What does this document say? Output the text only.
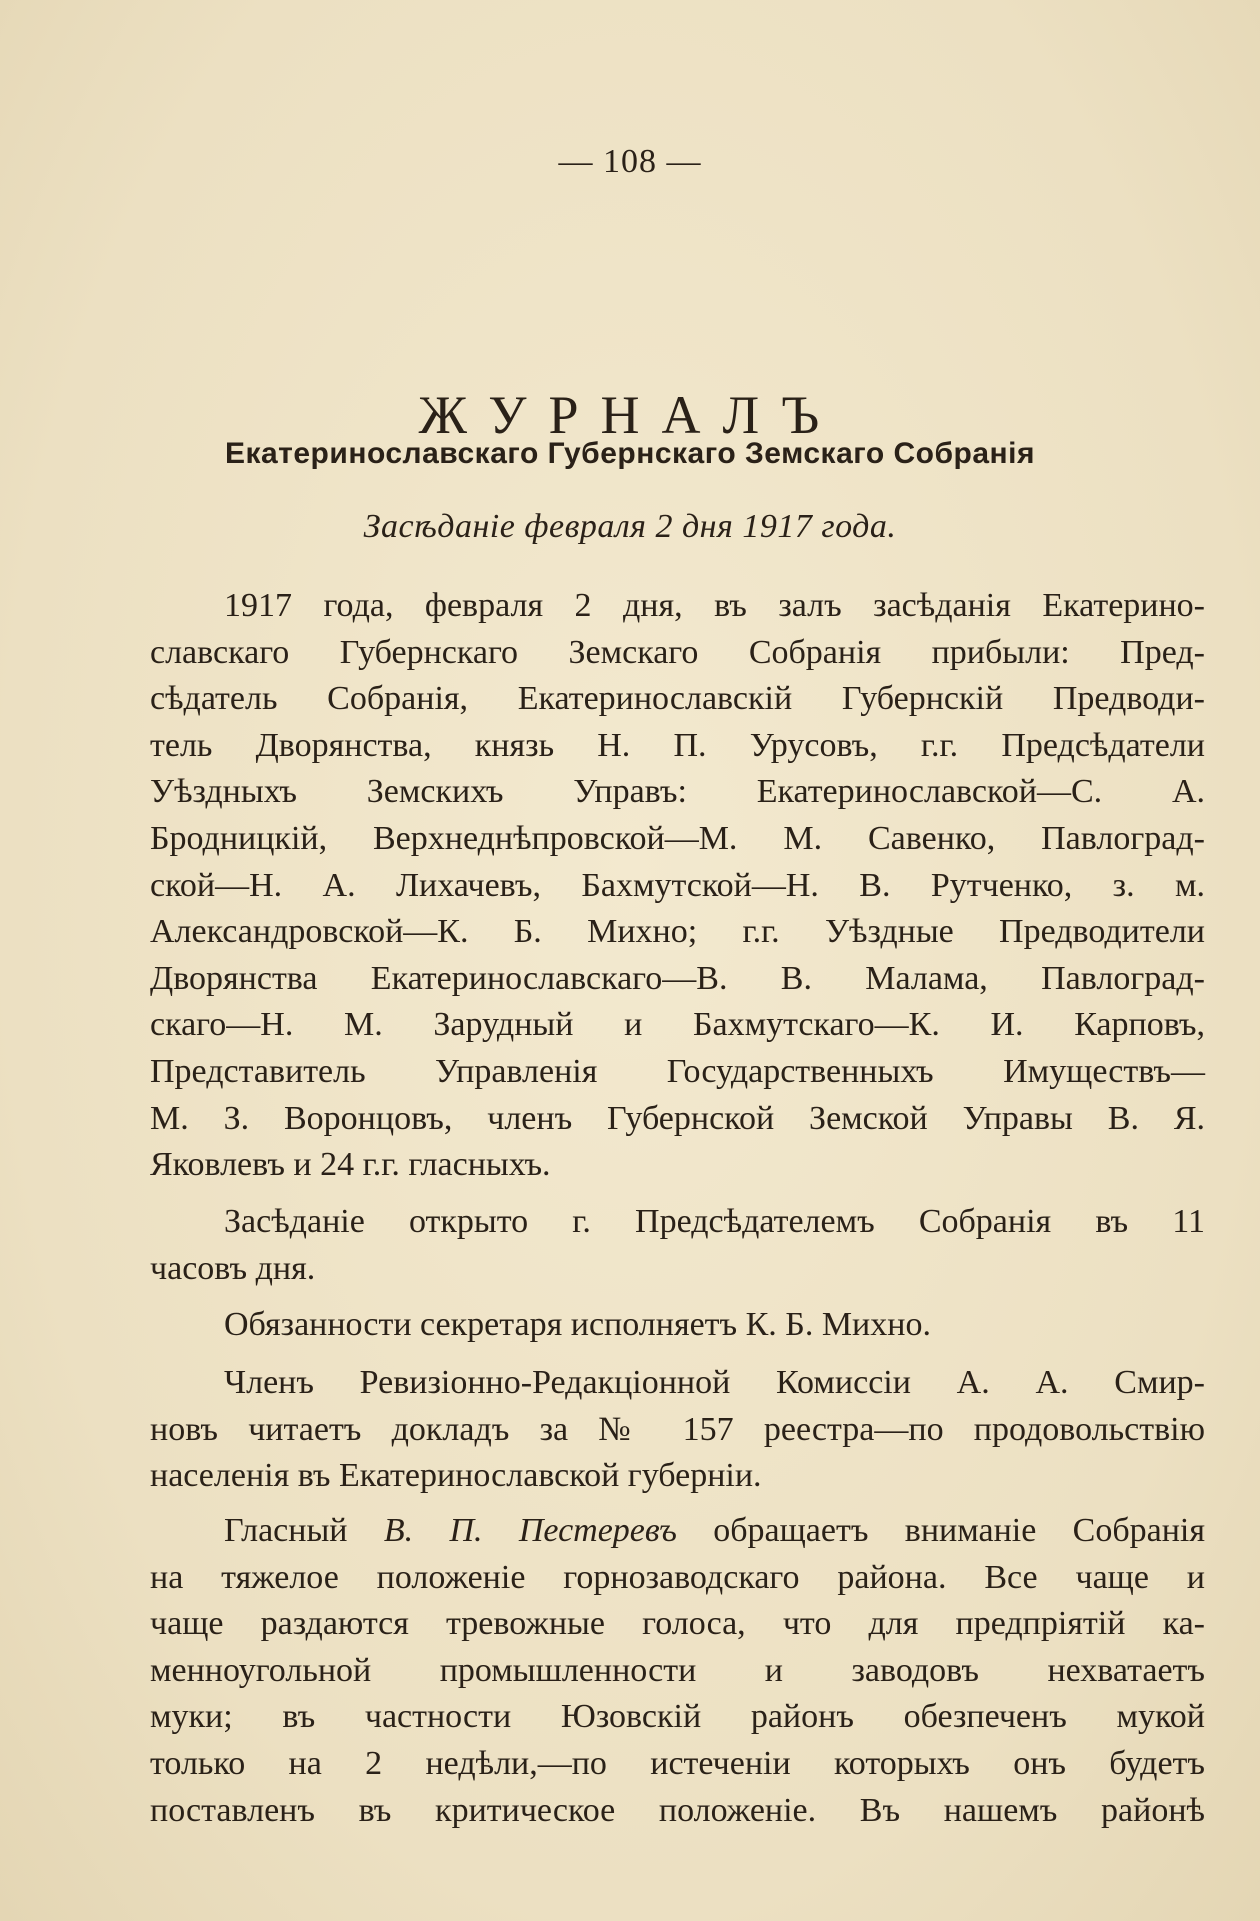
— 108 —
ЖУРНАЛЪ
Екатеринославскаго Губернскаго Земскаго Собранія
Засѣданіе февраля 2 дня 1917 года.
1917 года, февраля 2 дня, въ залъ засѣданія Екатерино-
славскаго Губернскаго Земскаго Собранія прибыли: Пред-
сѣдатель Собранія, Екатеринославскій Губернскій Предводи-
тель Дворянства, князь Н. П. Урусовъ, г.г. Предсѣдатели
Уѣздныхъ Земскихъ Управъ: Екатеринославской—С. А.
Бродницкій, Верхнеднѣпровской—М. М. Савенко, Павлоград-
ской—Н. А. Лихачевъ, Бахмутской—Н. В. Рутченко, з. м.
Александровской—К. Б. Михно; г.г. Уѣздные Предводители
Дворянства Екатеринославскаго—В. В. Малама, Павлоград-
скаго—Н. М. Зарудный и Бахмутскаго—К. И. Карповъ,
Представитель Управленія Государственныхъ Имуществъ—
М. З. Воронцовъ, членъ Губернской Земской Управы В. Я.
Яковлевъ и 24 г.г. гласныхъ.
Засѣданіе открыто г. Предсѣдателемъ Собранія въ 11
часовъ дня.
Обязанности секретаря исполняетъ К. Б. Михно.
Членъ Ревизіонно-Редакціонной Комиссіи А. А. Смир-
новъ читаетъ докладъ за № 157 реестра—по продовольствію
населенія въ Екатеринославской губерніи.
Гласный В. П. Пестеревъ обращаетъ вниманіе Собранія
на тяжелое положеніе горнозаводскаго района. Все чаще и
чаще раздаются тревожные голоса, что для предпріятій ка-
менноугольной промышленности и заводовъ нехватаетъ
муки; въ частности Юзовскій районъ обезпеченъ мукой
только на 2 недѣли,—по истеченіи которыхъ онъ будетъ
поставленъ въ критическое положеніе. Въ нашемъ районѣ
